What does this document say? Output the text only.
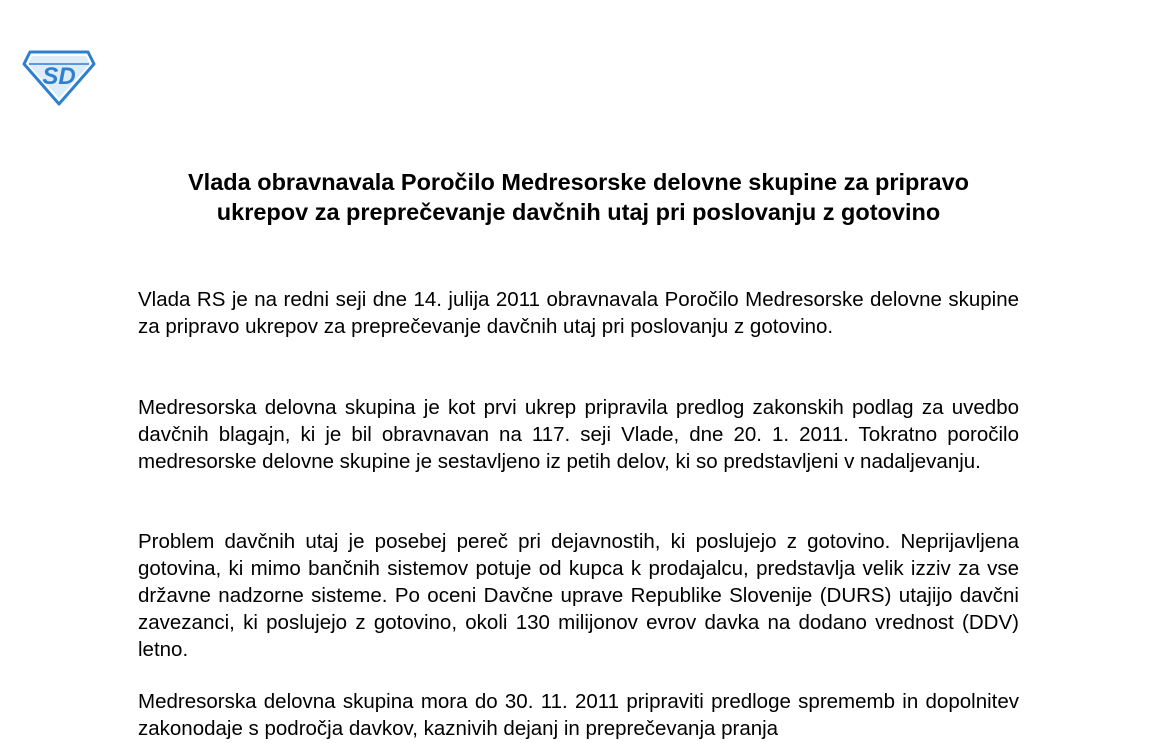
SD
Vlada obravnavala Poročilo Medresorske delovne skupine za pripravo ukrepov za preprečevanje davčnih utaj pri poslovanju z gotovino

Vlada RS je na redni seji dne 14. julija 2011 obravnavala Poročilo Medresorske delovne skupine za pripravo ukrepov za preprečevanje davčnih utaj pri poslovanju z gotovino.

Medresorska delovna skupina je kot prvi ukrep pripravila predlog zakonskih podlag za uvedbo davčnih blagajn, ki je bil obravnavan na 117. seji Vlade, dne 20. 1. 2011. Tokratno poročilo medresorske delovne skupine je sestavljeno iz petih delov, ki so predstavljeni v nadaljevanju.

Problem davčnih utaj je posebej pereč pri dejavnostih, ki poslujejo z gotovino. Neprijavljena gotovina, ki mimo bančnih sistemov potuje od kupca k prodajalcu, predstavlja velik izziv za vse državne nadzorne sisteme. Po oceni Davčne uprave Republike Slovenije (DURS) utajijo davčni zavezanci, ki poslujejo z gotovino, okoli 130 milijonov evrov davka na dodano vrednost (DDV) letno.

Medresorska delovna skupina mora do 30. 11. 2011 pripraviti predloge sprememb in dopolnitev zakonodaje s področja davkov, kaznivih dejanj in preprečevanja pranja
